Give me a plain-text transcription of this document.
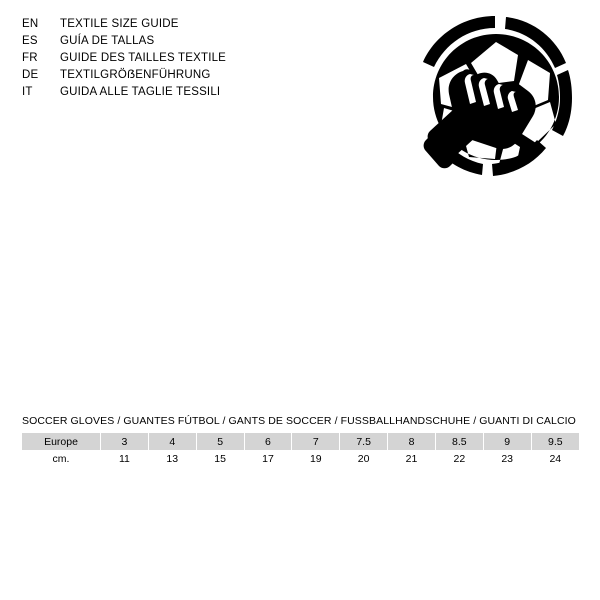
EN	TEXTILE SIZE GUIDE
ES	GUÍA DE TALLAS
FR	GUIDE DES TAILLES TEXTILE
DE	TEXTILGRÖẞENFÜHRUNG
IT	GUIDA ALLE TAGLIE TESSILI
SOCCER GLOVES / GUANTES FÚTBOL / GANTS DE SOCCER / FUSSBALLHANDSCHUHE / GUANTI DI CALCIO
Europe	3	4	5	6	7	7.5	8	8.5	9	9.5
cm.	11	13	15	17	19	20	21	22	23	24
